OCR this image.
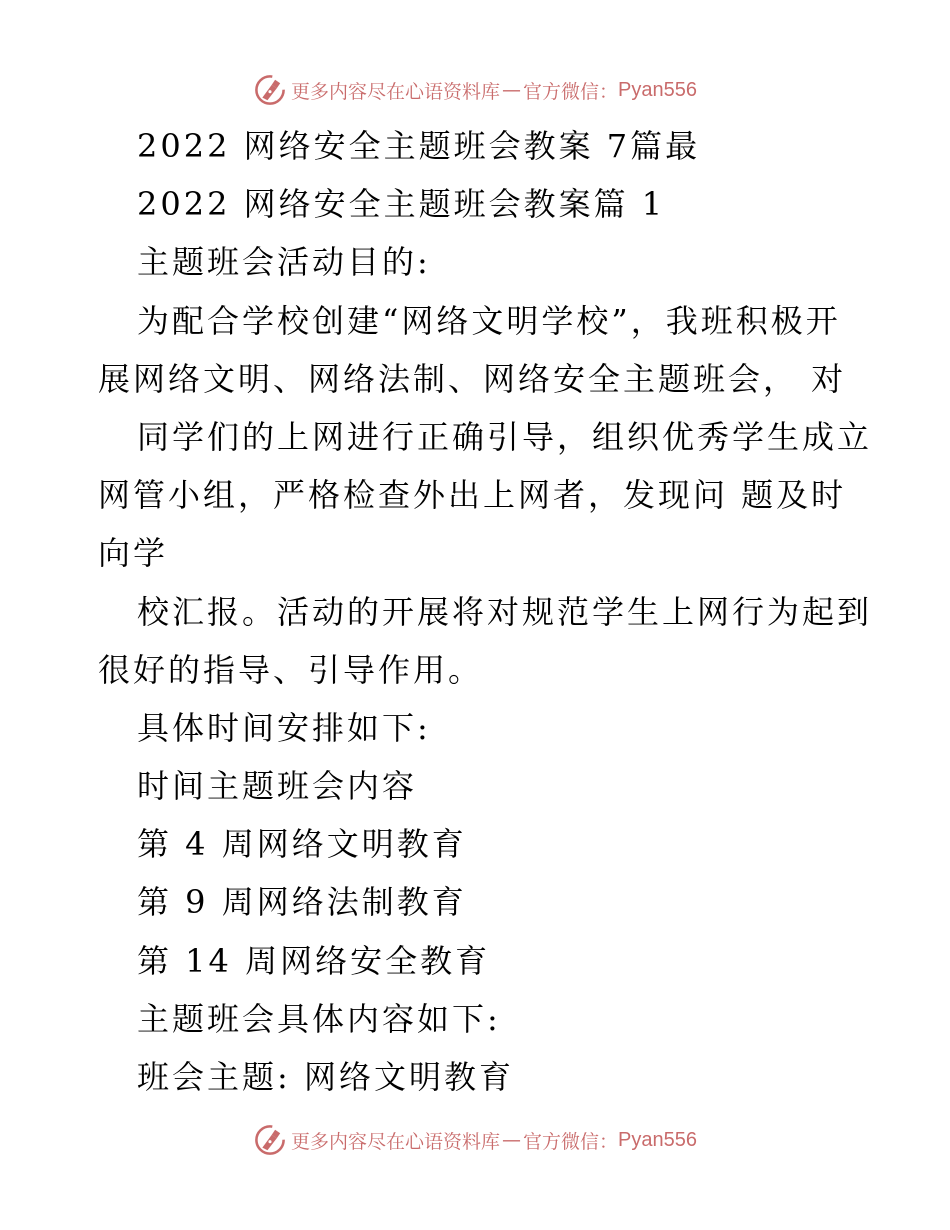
更多内容尽在心语资料库 — 官方微信： Pyan556
2022 网络安全主题班会教案 7篇最
2022 网络安全主题班会教案篇 1
主题班会活动目的:
为配合学校创建“网络文明学校”，我班积极开
展网络文明、网络法制、网络安全主题班会， 对
同学们的上网进行正确引导，组织优秀学生成立
网管小组，严格检查外出上网者，发现问 题及时
向学
校汇报。活动的开展将对规范学生上网行为起到
很好的指导、引导作用。
具体时间安排如下:
时间主题班会内容
第 4 周网络文明教育
第 9 周网络法制教育
第 14 周网络安全教育
主题班会具体内容如下:
班会主题: 网络文明教育
更多内容尽在心语资料库 — 官方微信： Pyan556
